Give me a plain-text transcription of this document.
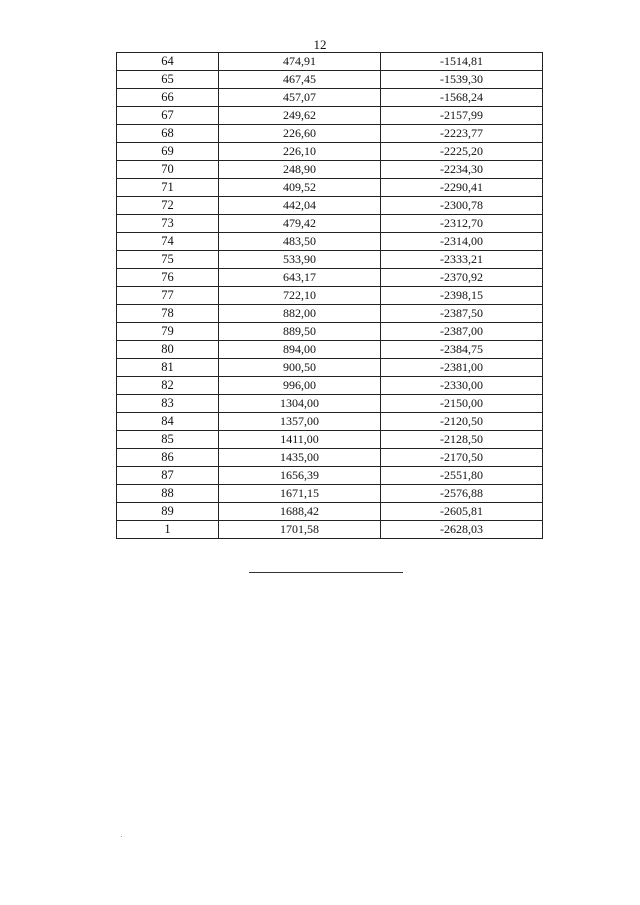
12
64	474,91	-1514,81
65	467,45	-1539,30
66	457,07	-1568,24
67	249,62	-2157,99
68	226,60	-2223,77
69	226,10	-2225,20
70	248,90	-2234,30
71	409,52	-2290,41
72	442,04	-2300,78
73	479,42	-2312,70
74	483,50	-2314,00
75	533,90	-2333,21
76	643,17	-2370,92
77	722,10	-2398,15
78	882,00	-2387,50
79	889,50	-2387,00
80	894,00	-2384,75
81	900,50	-2381,00
82	996,00	-2330,00
83	1304,00	-2150,00
84	1357,00	-2120,50
85	1411,00	-2128,50
86	1435,00	-2170,50
87	1656,39	-2551,80
88	1671,15	-2576,88
89	1688,42	-2605,81
1	1701,58	-2628,03
